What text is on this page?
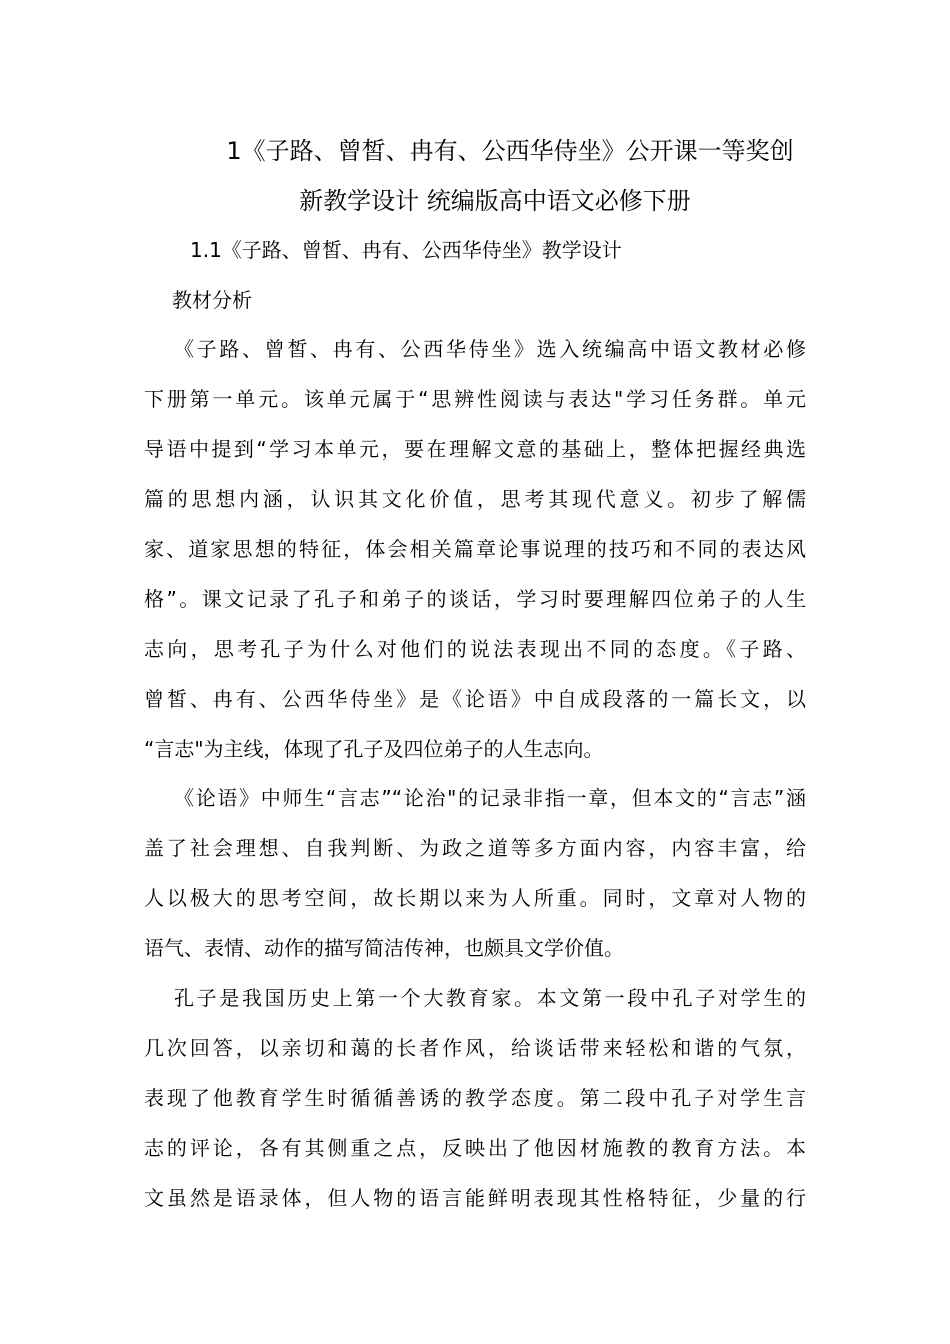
1《子路、曾皙、冉有、公西华侍坐》公开课一等奖创
新教学设计 统编版高中语文必修下册
1.1《子路、曾皙、冉有、公西华侍坐》教学设计
教材分析
《子路、曾皙、冉有、公西华侍坐》选入统编高中语文教材必修
下册第一单元。该单元属于“思辨性阅读与表达"学习任务群。单元
导语中提到“学习本单元，要在理解文意的基础上，整体把握经典选
篇的思想内涵，认识其文化价值，思考其现代意义。初步了解儒
家、道家思想的特征，体会相关篇章论事说理的技巧和不同的表达风
格”。课文记录了孔子和弟子的谈话，学习时要理解四位弟子的人生
志向，思考孔子为什么对他们的说法表现出不同的态度。《子路、
曾皙、冉有、公西华侍坐》是《论语》中自成段落的一篇长文，以
“言志"为主线，体现了孔子及四位弟子的人生志向。
《论语》中师生“言志”“论治"的记录非指一章，但本文的“言志”涵
盖了社会理想、自我判断、为政之道等多方面内容，内容丰富，给
人以极大的思考空间，故长期以来为人所重。同时，文章对人物的
语气、表情、动作的描写简洁传神，也颇具文学价值。
孔子是我国历史上第一个大教育家。本文第一段中孔子对学生的
几次回答，以亲切和蔼的长者作风，给谈话带来轻松和谐的气氛，
表现了他教育学生时循循善诱的教学态度。第二段中孔子对学生言
志的评论，各有其侧重之点，反映出了他因材施教的教育方法。本
文虽然是语录体，但人物的语言能鲜明表现其性格特征，少量的行
